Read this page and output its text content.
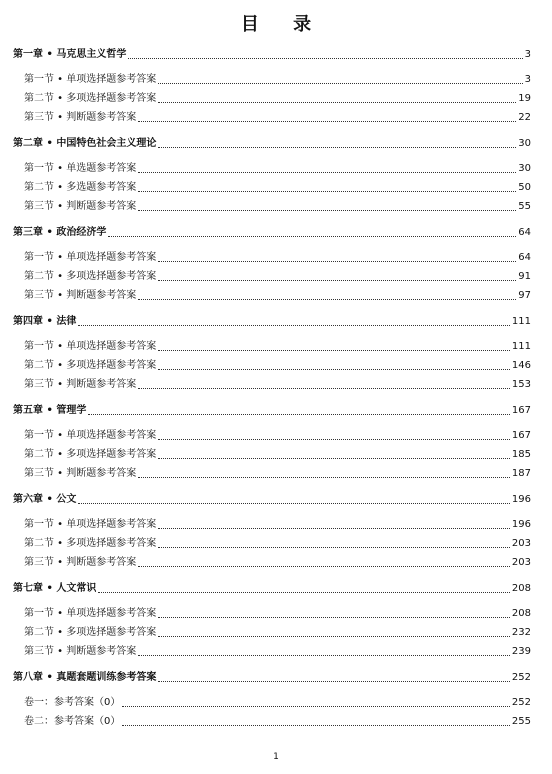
目 录
第一章 • 马克思主义哲学	3
第一节 • 单项选择题参考答案	3
第二节 • 多项选择题参考答案	19
第三节 • 判断题参考答案	22
第二章 • 中国特色社会主义理论	30
第一节 • 单选题参考答案	30
第二节 • 多选题参考答案	50
第三节 • 判断题参考答案	55
第三章 • 政治经济学	64
第一节 • 单项选择题参考答案	64
第二节 • 多项选择题参考答案	91
第三节 • 判断题参考答案	97
第四章 • 法律	111
第一节 • 单项选择题参考答案	111
第二节 • 多项选择题参考答案	146
第三节 • 判断题参考答案	153
第五章 • 管理学	167
第一节 • 单项选择题参考答案	167
第二节 • 多项选择题参考答案	185
第三节 • 判断题参考答案	187
第六章 • 公文	196
第一节 • 单项选择题参考答案	196
第二节 • 多项选择题参考答案	203
第三节 • 判断题参考答案	203
第七章 • 人文常识	208
第一节 • 单项选择题参考答案	208
第二节 • 多项选择题参考答案	232
第三节 • 判断题参考答案	239
第八章 • 真题套题训练参考答案	252
卷一：参考答案（0）	252
卷二：参考答案（0）	255
1
